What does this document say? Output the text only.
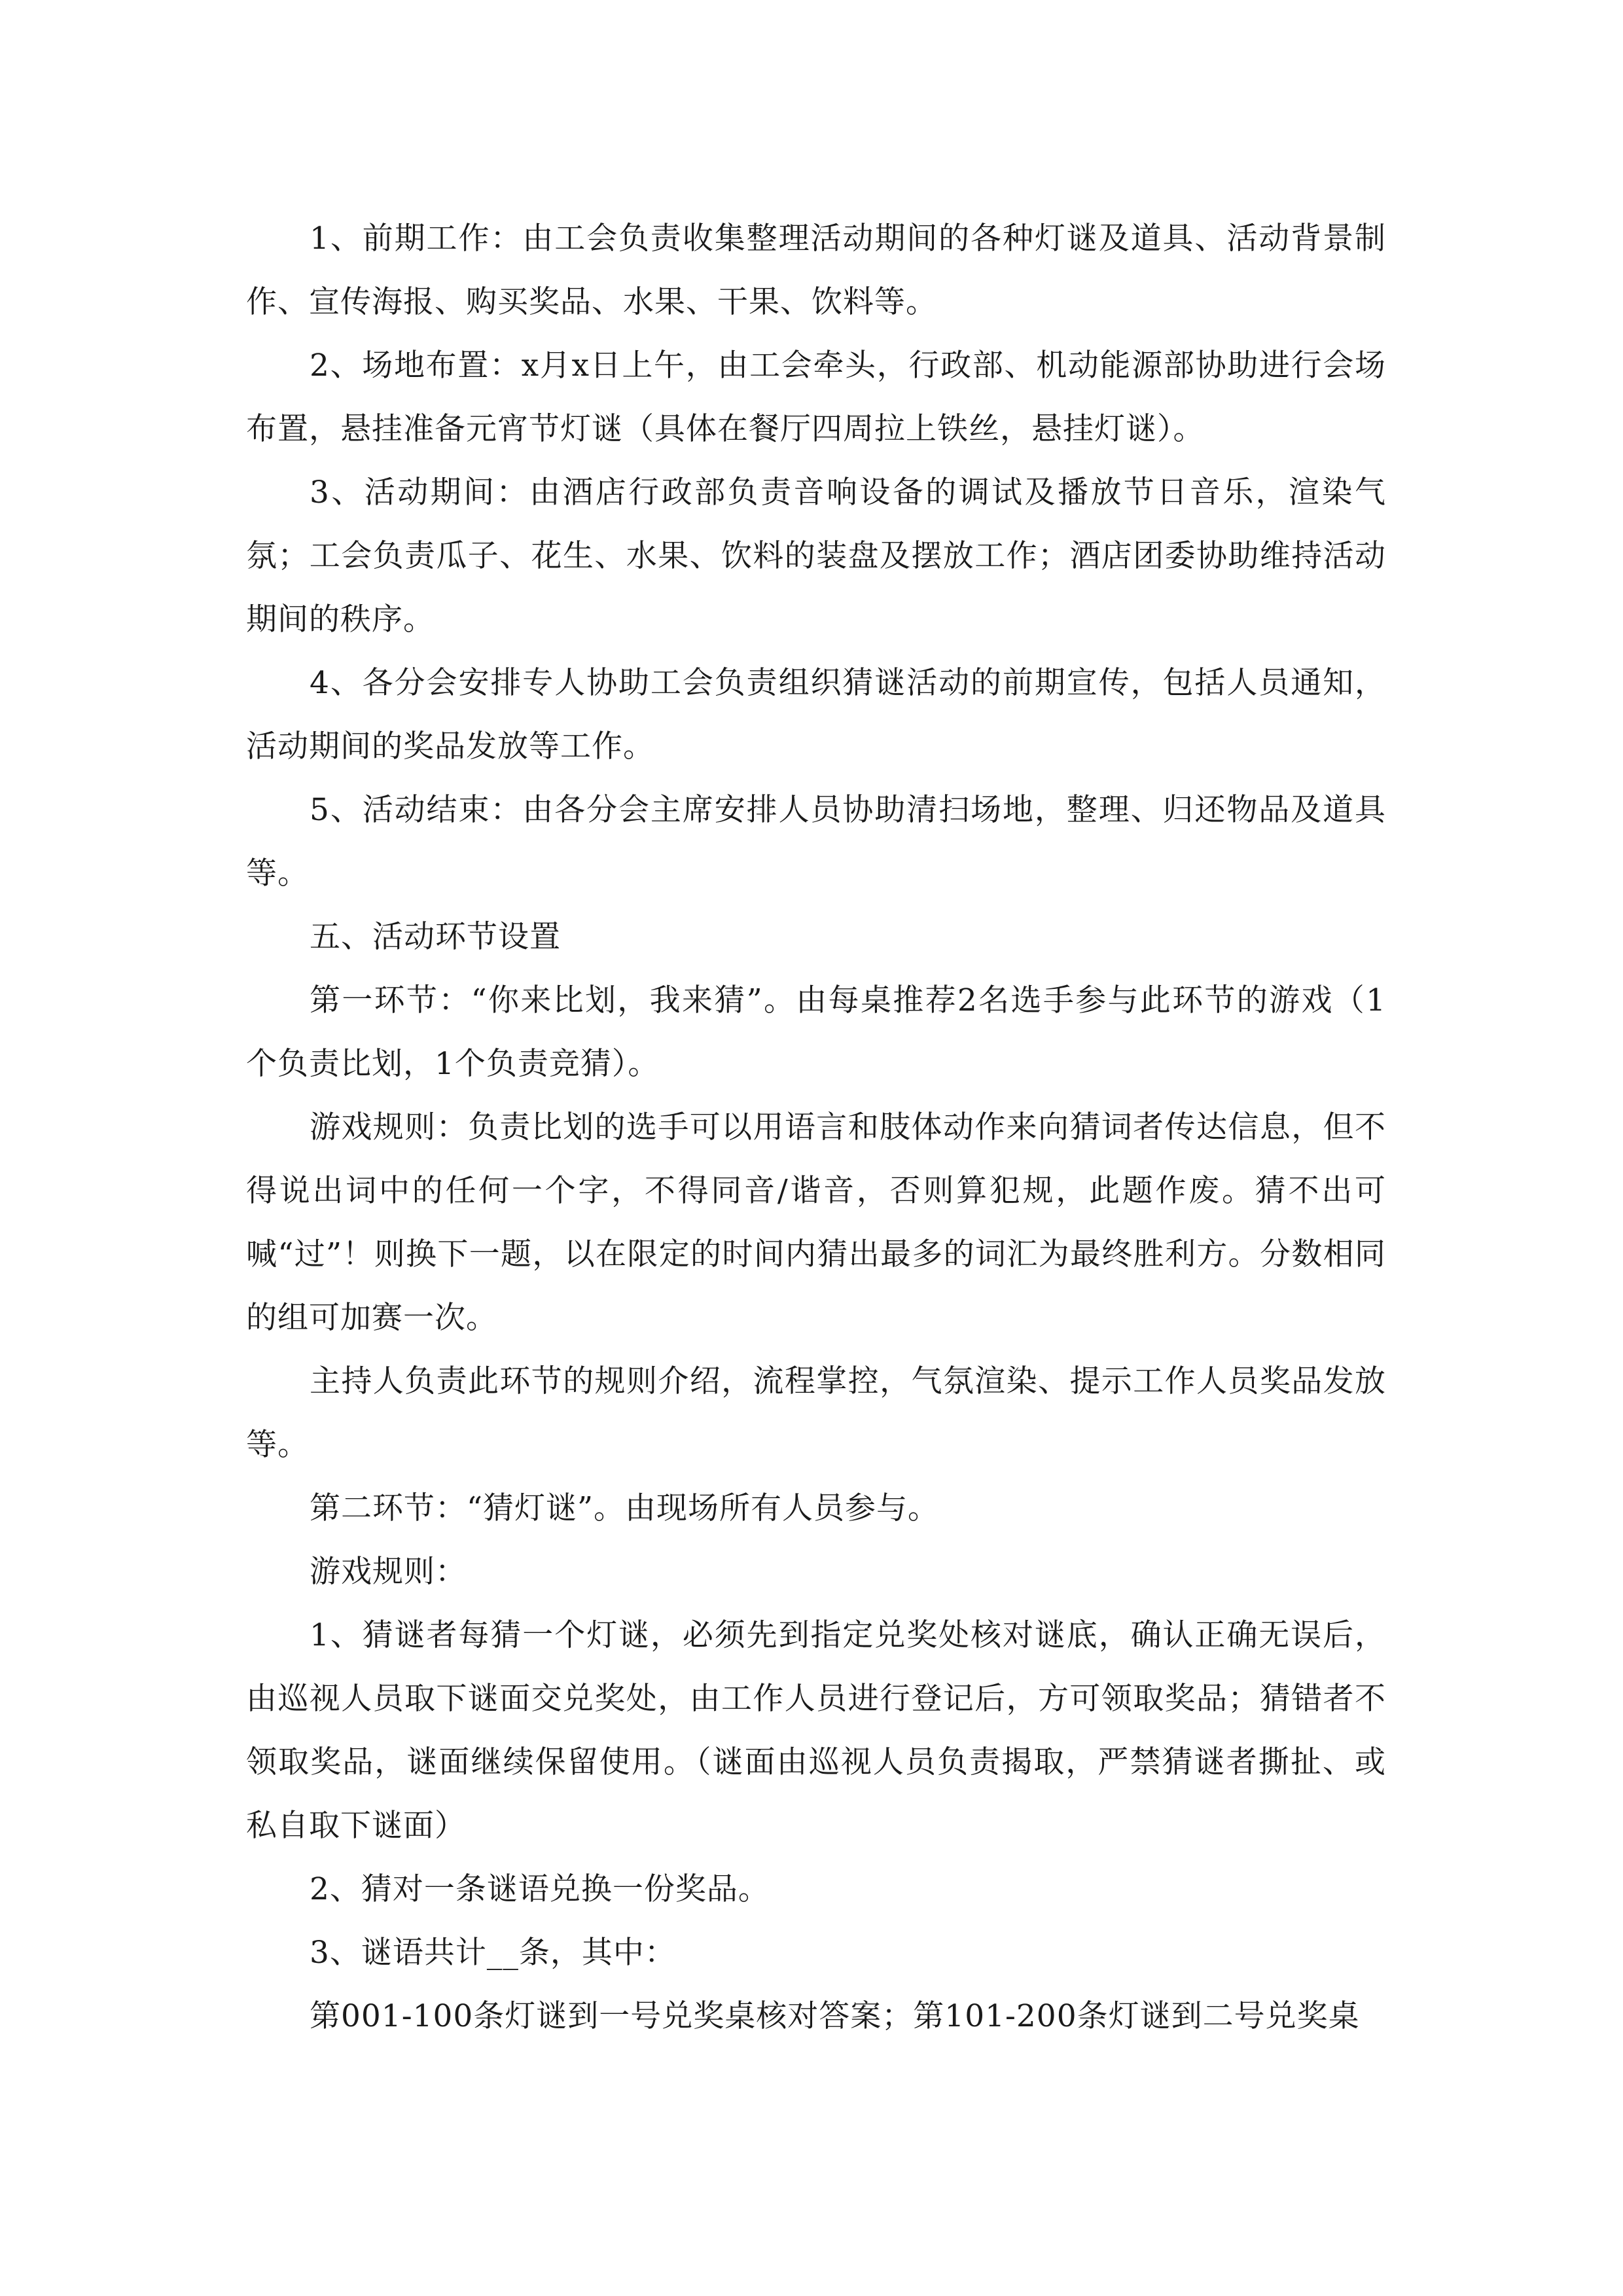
1、前期工作：由工会负责收集整理活动期间的各种灯谜及道具、活动背景制作、宣传海报、购买奖品、水果、干果、饮料等。

2、场地布置：x月x日上午，由工会牵头，行政部、机动能源部协助进行会场布置，悬挂准备元宵节灯谜（具体在餐厅四周拉上铁丝，悬挂灯谜）。

3、活动期间：由酒店行政部负责音响设备的调试及播放节日音乐，渲染气氛；工会负责瓜子、花生、水果、饮料的装盘及摆放工作；酒店团委协助维持活动期间的秩序。

4、各分会安排专人协助工会负责组织猜谜活动的前期宣传，包括人员通知，活动期间的奖品发放等工作。

5、活动结束：由各分会主席安排人员协助清扫场地，整理、归还物品及道具等。

五、活动环节设置

第一环节：“你来比划，我来猜”。由每桌推荐2名选手参与此环节的游戏（1个负责比划，1个负责竞猜）。

游戏规则：负责比划的选手可以用语言和肢体动作来向猜词者传达信息，但不得说出词中的任何一个字，不得同音/谐音，否则算犯规，此题作废。猜不出可喊“过”！则换下一题，以在限定的时间内猜出最多的词汇为最终胜利方。分数相同的组可加赛一次。

主持人负责此环节的规则介绍，流程掌控，气氛渲染、提示工作人员奖品发放等。

第二环节：“猜灯谜”。由现场所有人员参与。

游戏规则：

1、猜谜者每猜一个灯谜，必须先到指定兑奖处核对谜底，确认正确无误后，由巡视人员取下谜面交兑奖处，由工作人员进行登记后，方可领取奖品；猜错者不领取奖品，谜面继续保留使用。（谜面由巡视人员负责揭取，严禁猜谜者撕扯、或私自取下谜面）

2、猜对一条谜语兑换一份奖品。

3、谜语共计__条，其中：

第001-100条灯谜到一号兑奖桌核对答案；第101-200条灯谜到二号兑奖桌
